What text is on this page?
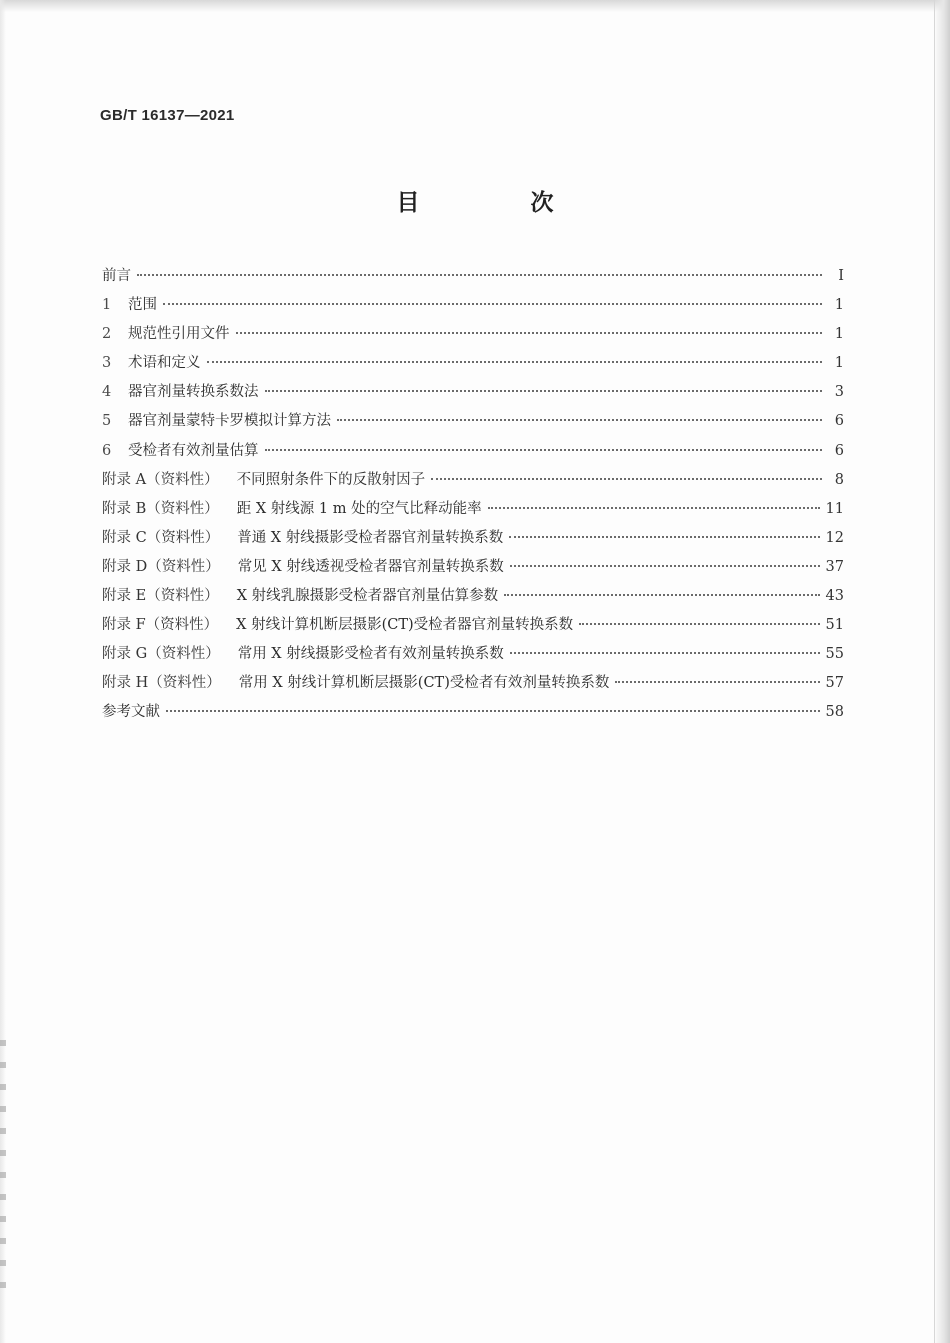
GB/T 16137—2021
目　次
前言	Ⅰ
1	范围	1
2	规范性引用文件	1
3	术语和定义	1
4	器官剂量转换系数法	3
5	器官剂量蒙特卡罗模拟计算方法	6
6	受检者有效剂量估算	6
附录 A（资料性） 不同照射条件下的反散射因子	8
附录 B（资料性） 距 X 射线源 1 m 处的空气比释动能率	11
附录 C（资料性） 普通 X 射线摄影受检者器官剂量转换系数	12
附录 D（资料性） 常见 X 射线透视受检者器官剂量转换系数	37
附录 E（资料性） X 射线乳腺摄影受检者器官剂量估算参数	43
附录 F（资料性） X 射线计算机断层摄影(CT)受检者器官剂量转换系数	51
附录 G（资料性） 常用 X 射线摄影受检者有效剂量转换系数	55
附录 H（资料性） 常用 X 射线计算机断层摄影(CT)受检者有效剂量转换系数	57
参考文献	58
